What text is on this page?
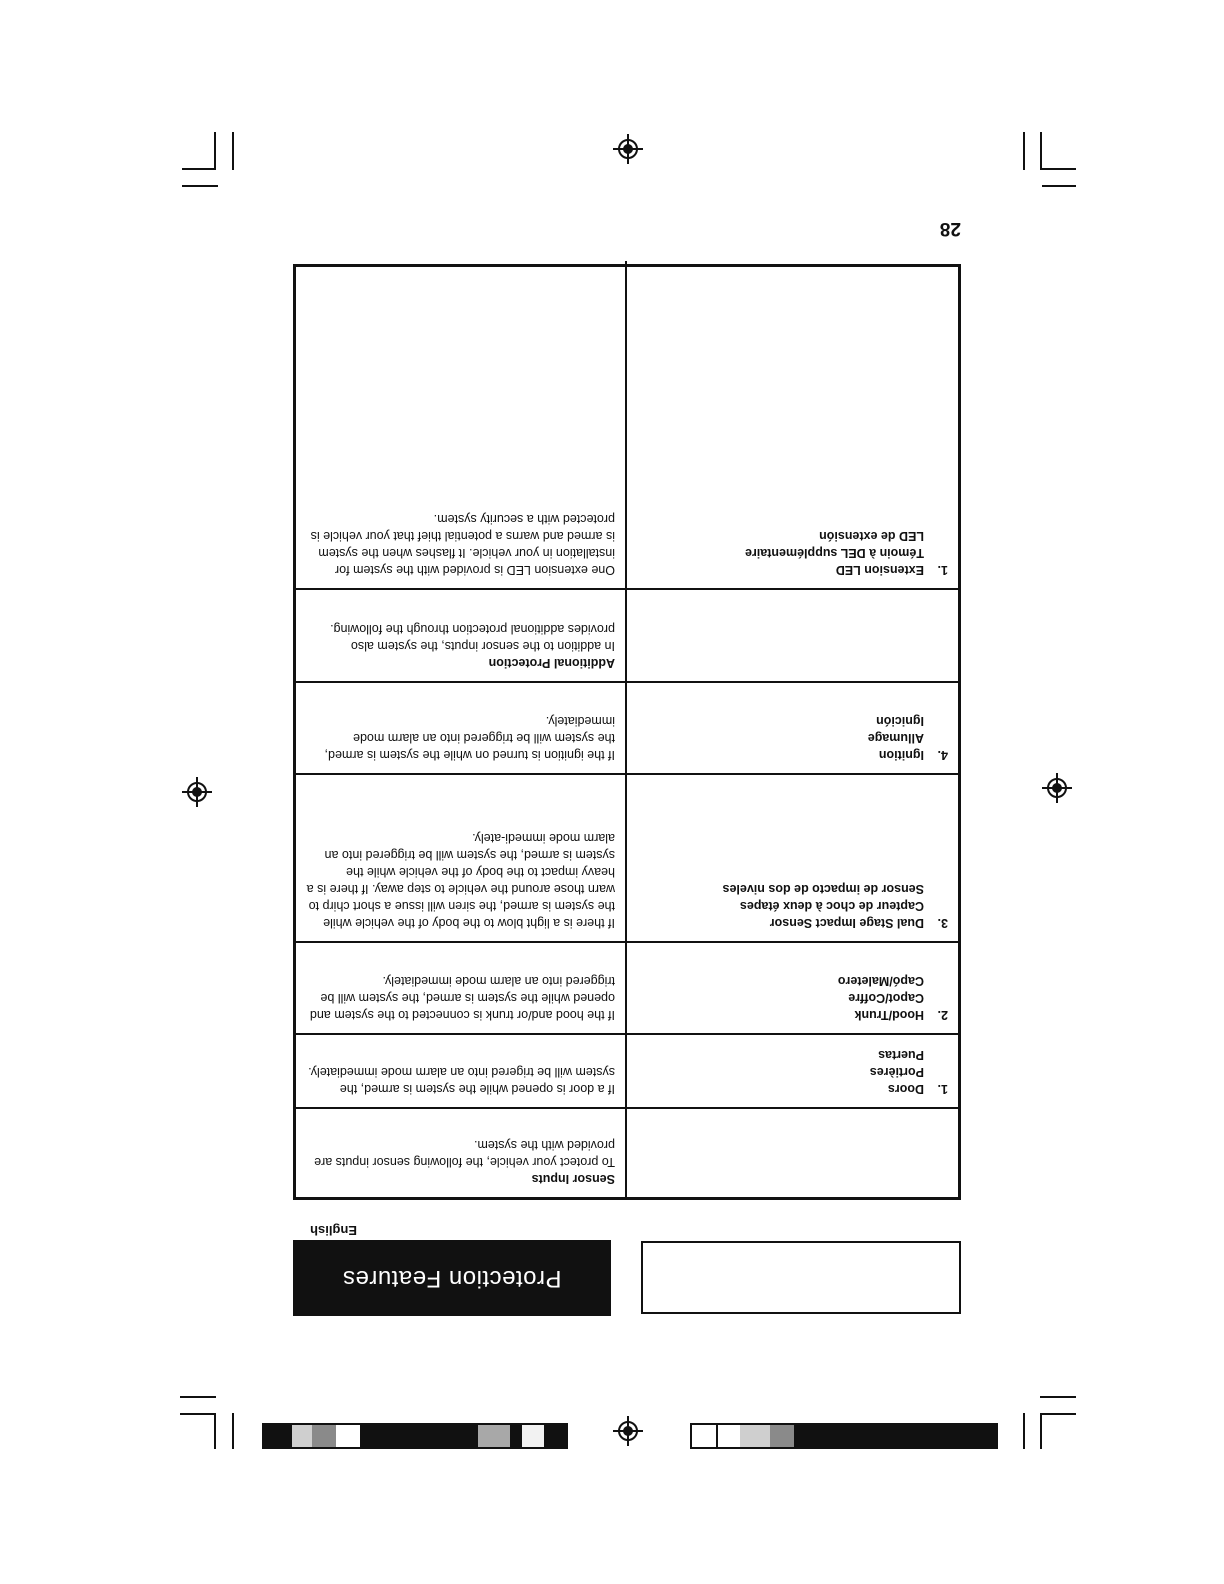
28
Protection Features
English
Sensor Inputs
To protect your vehicle, the following sensor inputs are provided with the system.
1.
Doors
Portières
Puertas
If a door is opened while the system is armed, the system will be trigered into an alarm mode immediately.
2.
Hood/Trunk
Capot/Coffre
Capó/Maletero
If the hood and/or trunk is connected to the system and opened while the system is armed, the system will be triggered into an alarm mode immediately.
3.
Dual Stage Impact Sensor
Capteur de choc à deux étapes
Sensor de impacto de dos niveles
If there is a light blow to the body of the vehicle while the system is armed, the siren will issue a short chirp to warn those around the vehicle to step away. If there is a heavy impact to the body of the vehicle while the system is armed, the system will be triggered into an alarm mode immedi-ately.
4.
Ignition
Allumage
Ignición
If the ignition is turned on while the system is armed, the system will be triggered into an alarm mode immediately.
Additional Protection
In addition to the sensor inputs, the system also provides additional protection through the following.
1.
Extension LED
Témoin à DEL supplémentaire
LED de extensión
One extension LED is provided with the system for installation in your vehicle. It flashes when the system is armed and warns a potential thief that your vehicle is protected with a security system.
